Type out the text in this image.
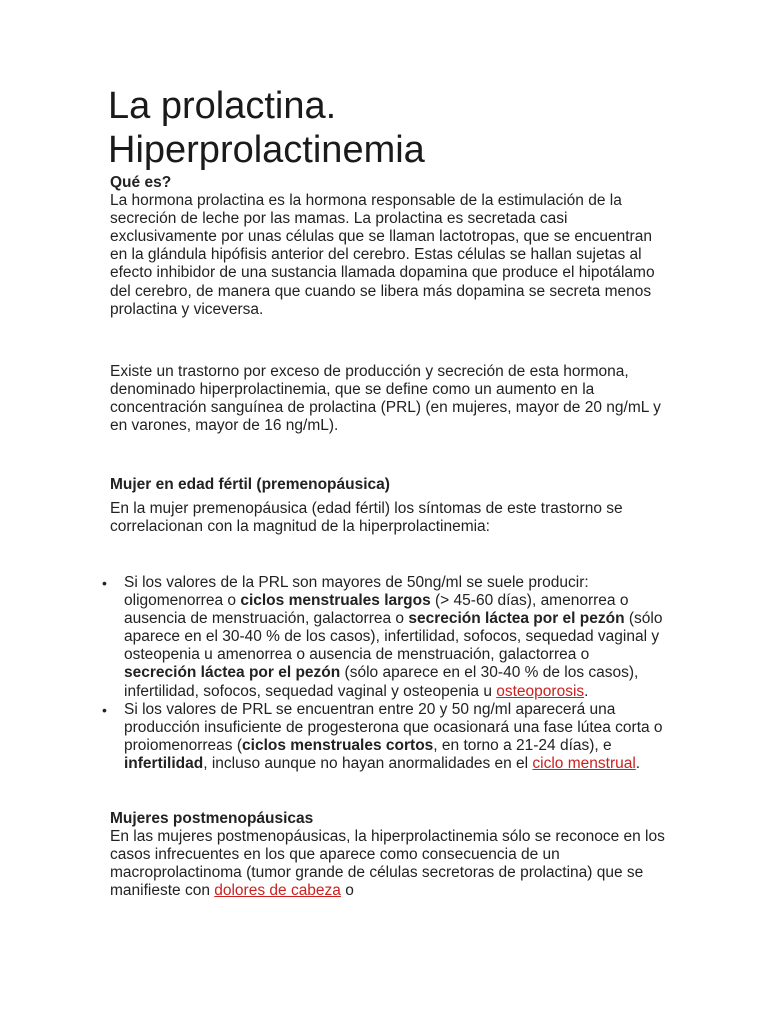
La prolactina.
Hiperprolactinemia
Qué es?
La hormona prolactina es la hormona responsable de la estimulación de la secreción de leche por las mamas. La prolactina es secretada casi exclusivamente por unas células que se llaman lactotropas, que se encuentran en la glándula hipófisis anterior del cerebro. Estas células se hallan sujetas al efecto inhibidor de una sustancia llamada dopamina que produce el hipotálamo del cerebro, de manera que cuando se libera más dopamina se secreta menos prolactina y viceversa.
Existe un trastorno por exceso de producción y secreción de esta hormona, denominado hiperprolactinemia, que se define como un aumento en la concentración sanguínea de prolactina (PRL) (en mujeres, mayor de 20 ng/mL y en varones, mayor de 16 ng/mL).
Mujer en edad fértil (premenopáusica)
En la mujer premenopáusica (edad fértil) los síntomas de este trastorno se correlacionan con la magnitud de la hiperprolactinemia:
• Si los valores de la PRL son mayores de 50ng/ml se suele producir: oligomenorrea o ciclos menstruales largos (> 45-60 días), amenorrea o ausencia de menstruación, galactorrea o secreción láctea por el pezón (sólo aparece en el 30-40 % de los casos), infertilidad, sofocos, sequedad vaginal y osteopenia u amenorrea o ausencia de menstruación, galactorrea o secreción láctea por el pezón (sólo aparece en el 30-40 % de los casos), infertilidad, sofocos, sequedad vaginal y osteopenia u osteoporosis.
• Si los valores de PRL se encuentran entre 20 y 50 ng/ml aparecerá una producción insuficiente de progesterona que ocasionará una fase lútea corta o proiomenorreas (ciclos menstruales cortos, en torno a 21-24 días), e infertilidad, incluso aunque no hayan anormalidades en el ciclo menstrual.
Mujeres postmenopáusicas
En las mujeres postmenopáusicas, la hiperprolactinemia sólo se reconoce en los casos infrecuentes en los que aparece como consecuencia de un macroprolactinoma (tumor grande de células secretoras de prolactina) que se manifieste con dolores de cabeza o
